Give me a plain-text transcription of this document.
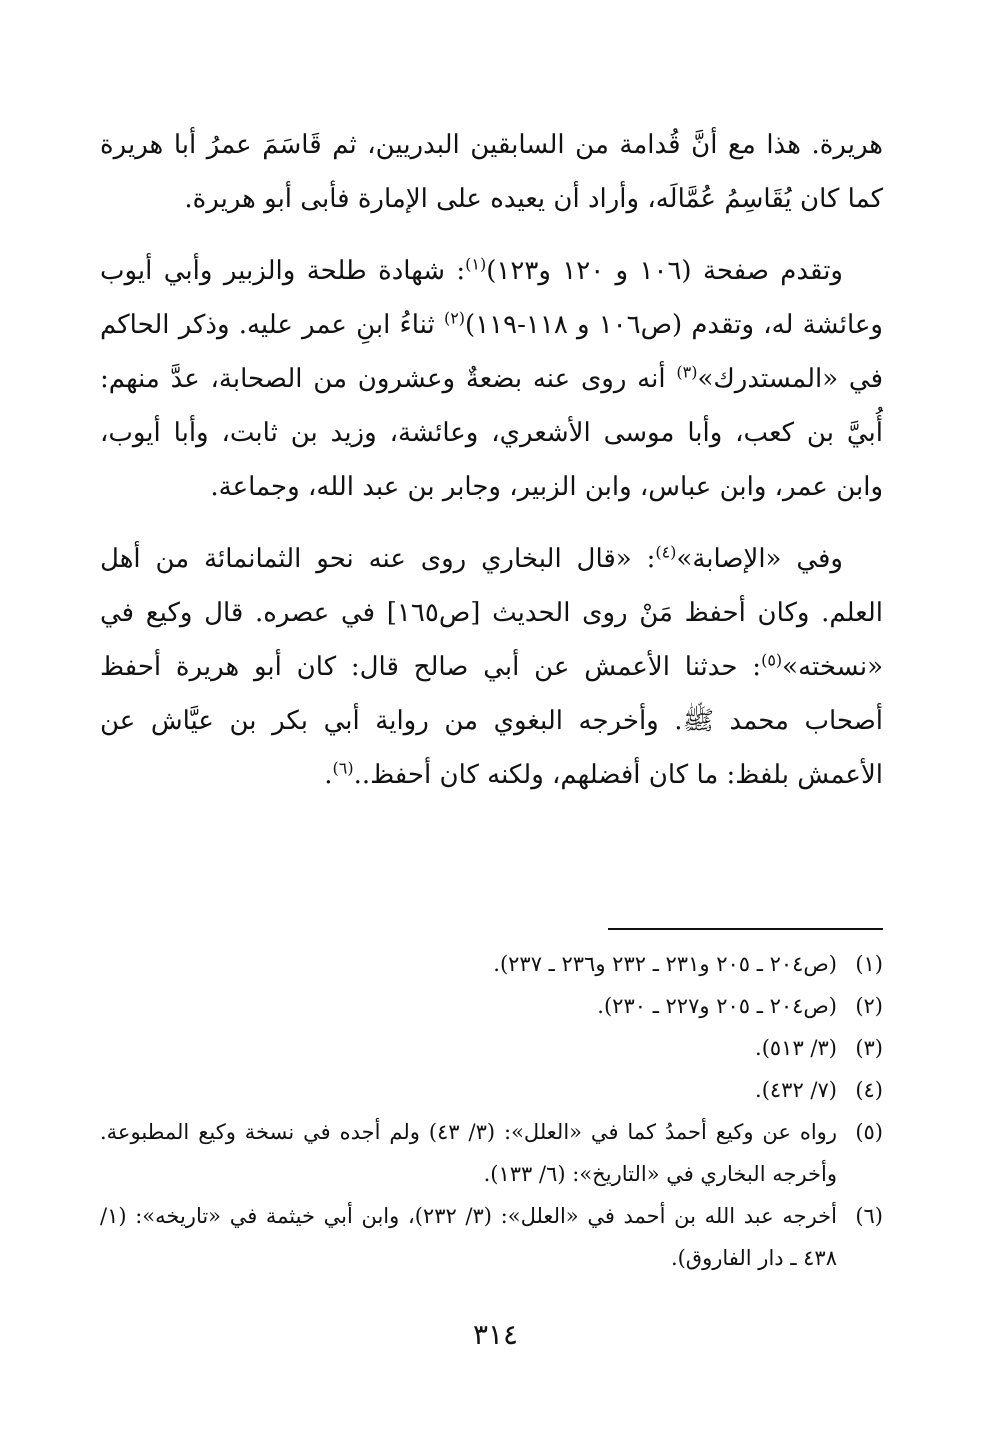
هريرة. هذا مع أنَّ قُدامة من السابقين البدريين، ثم قَاسَمَ عمرُ أبا هريرة كما كان يُقَاسِمُ عُمَّالَه، وأراد أن يعيده على الإمارة فأبى أبو هريرة.

وتقدم صفحة (١٠٦ و ١٢٠ و١٢٣)$^{(١)}$: شهادة طلحة والزبير وأبي أيوب وعائشة له، وتقدم (ص١٠٦ و ١١٨-١١٩)$^{(٢)}$ ثناءُ ابنِ عمر عليه. وذكر الحاكم في «المستدرك»$^{(٣)}$ أنه روى عنه بضعةٌ وعشرون من الصحابة، عدَّ منهم: أُبيَّ بن كعب، وأبا موسى الأشعري، وعائشة، وزيد بن ثابت، وأبا أيوب، وابن عمر، وابن عباس، وابن الزبير، وجابر بن عبد الله، وجماعة.

وفي «الإصابة»$^{(٤)}$: «قال البخاري روى عنه نحو الثمانمائة من أهل العلم. وكان أحفظ مَنْ روى الحديث [ص١٦٥] في عصره. قال وكيع في «نسخته»$^{(٥)}$: حدثنا الأعمش عن أبي صالح قال: كان أبو هريرة أحفظ أصحاب محمد ﷺ. وأخرجه البغوي من رواية أبي بكر بن عيَّاش عن الأعمش بلفظ: ما كان أفضلهم، ولكنه كان أحفظ..$^{(٦)}$.

(١)
(ص٢٠٤ ـ ٢٠٥ و٢٣١ ـ ٢٣٢ و٢٣٦ ـ ٢٣٧).
(٢)
(ص٢٠٤ ـ ٢٠٥ و٢٢٧ ـ ٢٣٠).
(٣)
(٣/ ٥١٣).
(٤)
(٧/ ٤٣٢).
(٥)
رواه عن وكيع أحمدُ كما في «العلل»: (٣/ ٤٣) ولم أجده في نسخة وكيع المطبوعة. وأخرجه البخاري في «التاريخ»: (٦/ ١٣٣).
(٦)
أخرجه عبد الله بن أحمد في «العلل»: (٣/ ٢٣٢)، وابن أبي خيثمة في «تاريخه»: (١/ ٤٣٨ ـ دار الفاروق).
٣١٤
